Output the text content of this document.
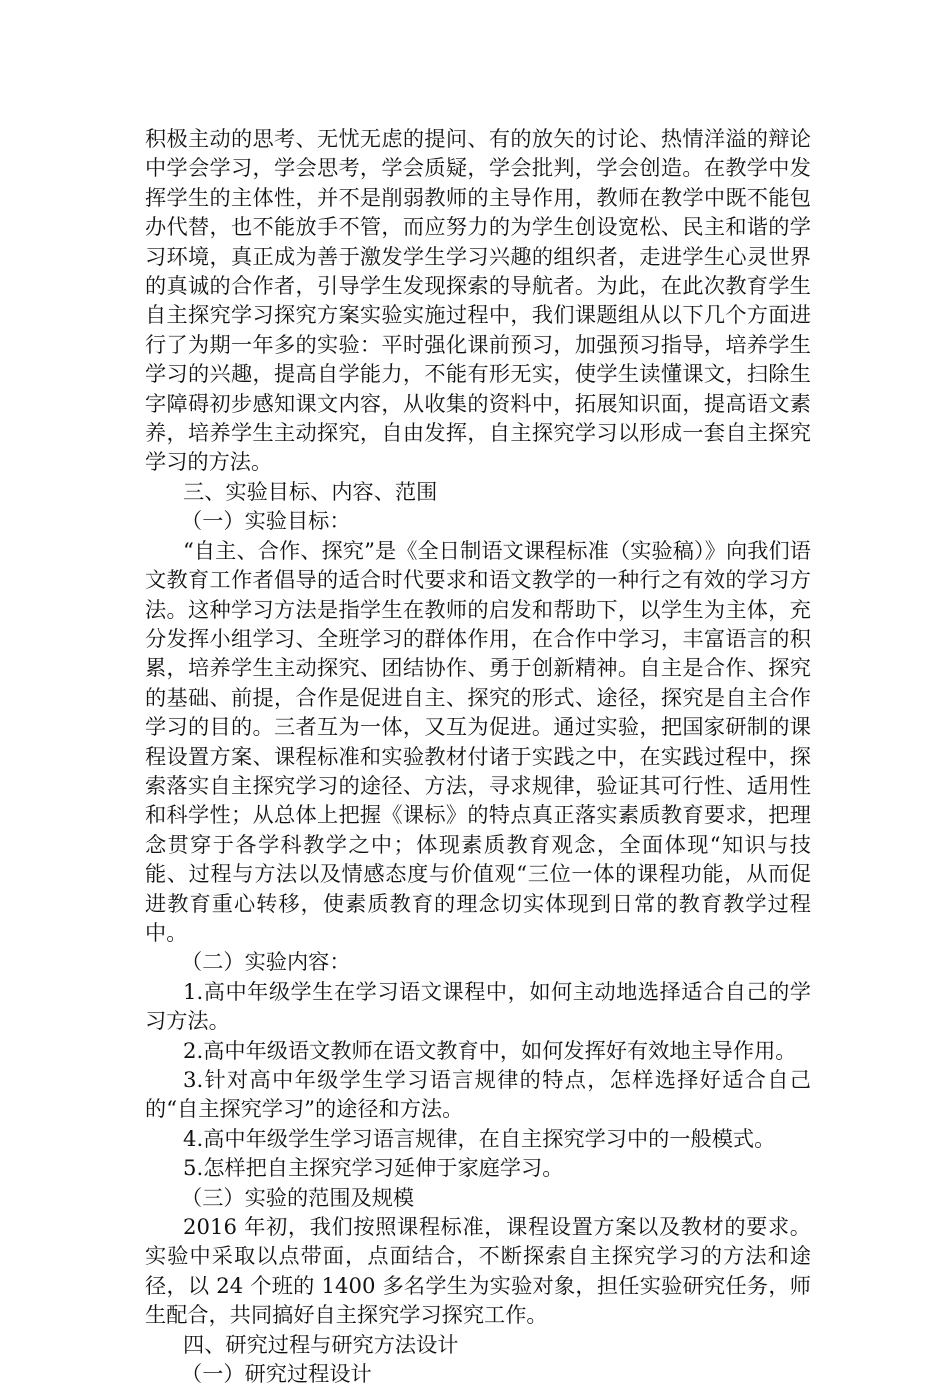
积极主动的思考、无忧无虑的提问、有的放矢的讨论、热情洋溢的辩论中学会学习，学会思考，学会质疑，学会批判，学会创造。在教学中发挥学生的主体性，并不是削弱教师的主导作用，教师在教学中既不能包办代替，也不能放手不管，而应努力的为学生创设宽松、民主和谐的学习环境，真正成为善于激发学生学习兴趣的组织者，走进学生心灵世界的真诚的合作者，引导学生发现探索的导航者。为此，在此次教育学生自主探究学习探究方案实验实施过程中，我们课题组从以下几个方面进行了为期一年多的实验：平时强化课前预习，加强预习指导，培养学生学习的兴趣，提高自学能力，不能有形无实，使学生读懂课文，扫除生字障碍初步感知课文内容，从收集的资料中，拓展知识面，提高语文素养，培养学生主动探究，自由发挥，自主探究学习以形成一套自主探究学习的方法。

三、实验目标、内容、范围

（一）实验目标：

“自主、合作、探究”是《全日制语文课程标准（实验稿）》向我们语文教育工作者倡导的适合时代要求和语文教学的一种行之有效的学习方法。这种学习方法是指学生在教师的启发和帮助下，以学生为主体，充分发挥小组学习、全班学习的群体作用，在合作中学习，丰富语言的积累，培养学生主动探究、团结协作、勇于创新精神。自主是合作、探究的基础、前提，合作是促进自主、探究的形式、途径，探究是自主合作学习的目的。三者互为一体，又互为促进。通过实验，把国家研制的课程设置方案、课程标准和实验教材付诸于实践之中，在实践过程中，探索落实自主探究学习的途径、方法，寻求规律，验证其可行性、适用性和科学性；从总体上把握《课标》的特点真正落实素质教育要求，把理念贯穿于各学科教学之中；体现素质教育观念，全面体现“知识与技能、过程与方法以及情感态度与价值观“三位一体的课程功能，从而促进教育重心转移，使素质教育的理念切实体现到日常的教育教学过程中。

（二）实验内容：

1.高中年级学生在学习语文课程中，如何主动地选择适合自己的学习方法。

2.高中年级语文教师在语文教育中，如何发挥好有效地主导作用。

3.针对高中年级学生学习语言规律的特点，怎样选择好适合自己的“自主探究学习”的途径和方法。

4.高中年级学生学习语言规律，在自主探究学习中的一般模式。

5.怎样把自主探究学习延伸于家庭学习。

（三）实验的范围及规模

2016 年初，我们按照课程标准，课程设置方案以及教材的要求。实验中采取以点带面，点面结合，不断探索自主探究学习的方法和途径，以 24 个班的 1400 多名学生为实验对象，担任实验研究任务，师生配合，共同搞好自主探究学习探究工作。

四、研究过程与研究方法设计

（一）研究过程设计
